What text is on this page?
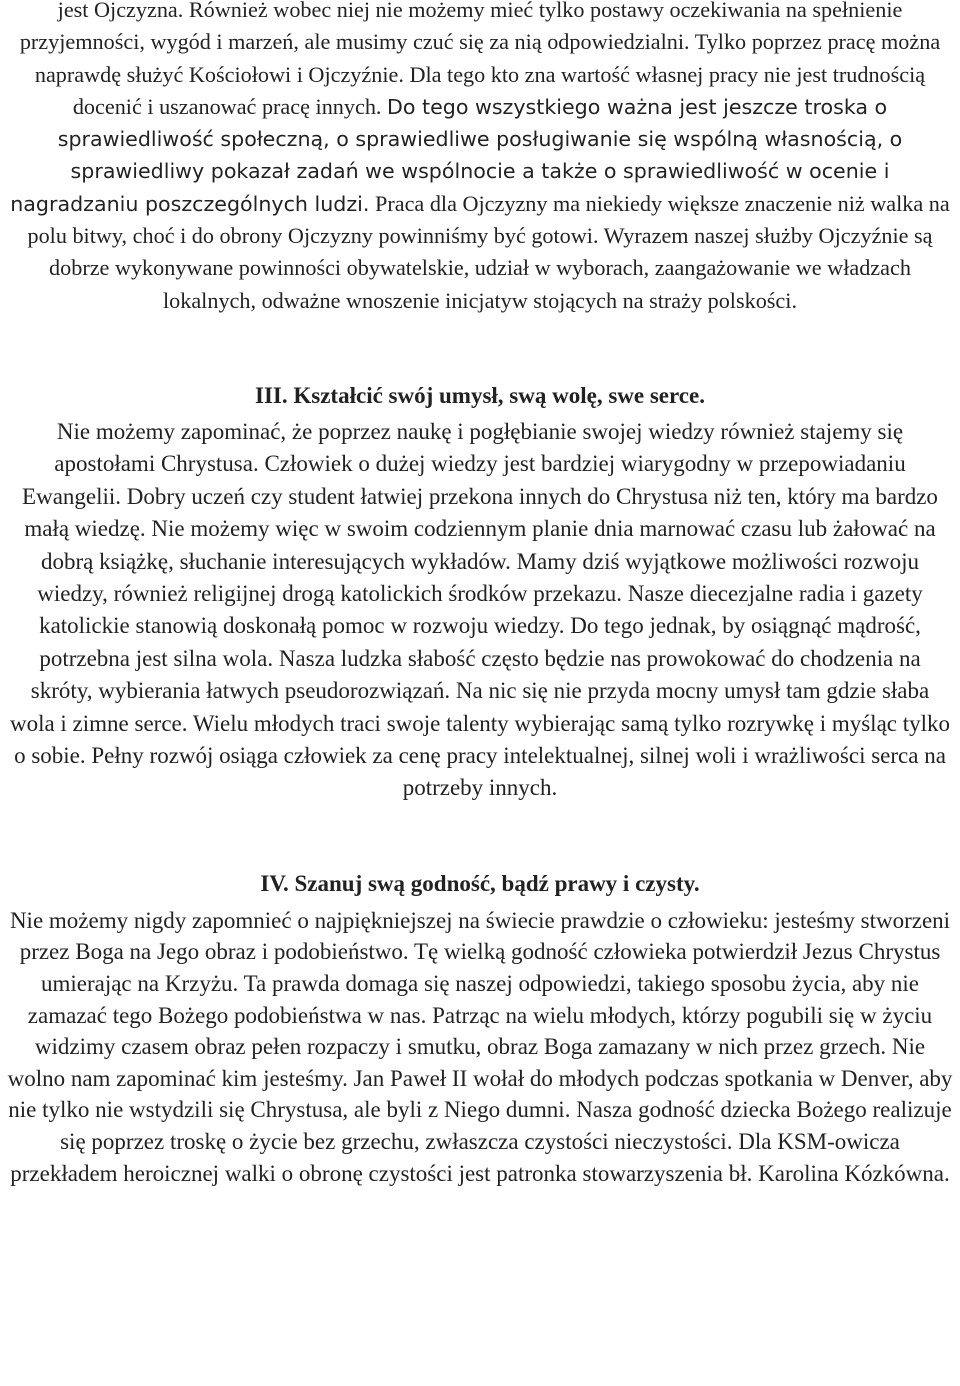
jest Ojczyzna. Również wobec niej nie możemy mieć tylko postawy oczekiwania na spełnienie przyjemności, wygód i marzeń, ale musimy czuć się za nią odpowiedzialni. Tylko poprzez pracę można naprawdę służyć Kościołowi i Ojczyźnie. Dla tego kto zna wartość własnej pracy nie jest trudnością docenić i uszanować pracę innych. Do tego wszystkiego ważna jest jeszcze troska o sprawiedliwość społeczną, o sprawiedliwe posługiwanie się wspólną własnością, o sprawiedliwy pokazał zadań we wspólnocie a także o sprawiedliwość w ocenie i nagradzaniu poszczególnych ludzi. Praca dla Ojczyzny ma niekiedy większe znaczenie niż walka na polu bitwy, choć i do obrony Ojczyzny powinniśmy być gotowi. Wyrazem naszej służby Ojczyźnie są dobrze wykonywane powinności obywatelskie, udział w wyborach, zaangażowanie we władzach lokalnych, odważne wnoszenie inicjatyw stojących na straży polskości.

III. Kształcić swój umysł, swą wolę, swe serce.

Nie możemy zapominać, że poprzez naukę i pogłębianie swojej wiedzy również stajemy się apostołami Chrystusa. Człowiek o dużej wiedzy jest bardziej wiarygodny w przepowiadaniu Ewangelii. Dobry uczeń czy student łatwiej przekona innych do Chrystusa niż ten, który ma bardzo małą wiedzę. Nie możemy więc w swoim codziennym planie dnia marnować czasu lub żałować na dobrą książkę, słuchanie interesujących wykładów. Mamy dziś wyjątkowe możliwości rozwoju wiedzy, również religijnej drogą katolickich środków przekazu. Nasze diecezjalne radia i gazety katolickie stanowią doskonałą pomoc w rozwoju wiedzy. Do tego jednak, by osiągnąć mądrość, potrzebna jest silna wola. Nasza ludzka słabość często będzie nas prowokować do chodzenia na skróty, wybierania łatwych pseudorozwiązań. Na nic się nie przyda mocny umysł tam gdzie słaba wola i zimne serce. Wielu młodych traci swoje talenty wybierając samą tylko rozrywkę i myśląc tylko o sobie. Pełny rozwój osiąga człowiek za cenę pracy intelektualnej, silnej woli i wrażliwości serca na potrzeby innych.

IV. Szanuj swą godność, bądź prawy i czysty.

Nie możemy nigdy zapomnieć o najpiękniejszej na świecie prawdzie o człowieku: jesteśmy stworzeni przez Boga na Jego obraz i podobieństwo. Tę wielką godność człowieka potwierdził Jezus Chrystus umierając na Krzyżu. Ta prawda domaga się naszej odpowiedzi, takiego sposobu życia, aby nie zamazać tego Bożego podobieństwa w nas. Patrząc na wielu młodych, którzy pogubili się w życiu widzimy czasem obraz pełen rozpaczy i smutku, obraz Boga zamazany w nich przez grzech. Nie wolno nam zapominać kim jesteśmy. Jan Paweł II wołał do młodych podczas spotkania w Denver, aby nie tylko nie wstydzili się Chrystusa, ale byli z Niego dumni. Nasza godność dziecka Bożego realizuje się poprzez troskę o życie bez grzechu, zwłaszcza czystości nieczystości. Dla KSM-owicza przekładem heroicznej walki o obronę czystości jest patronka stowarzyszenia bł. Karolina Kózkówna.
